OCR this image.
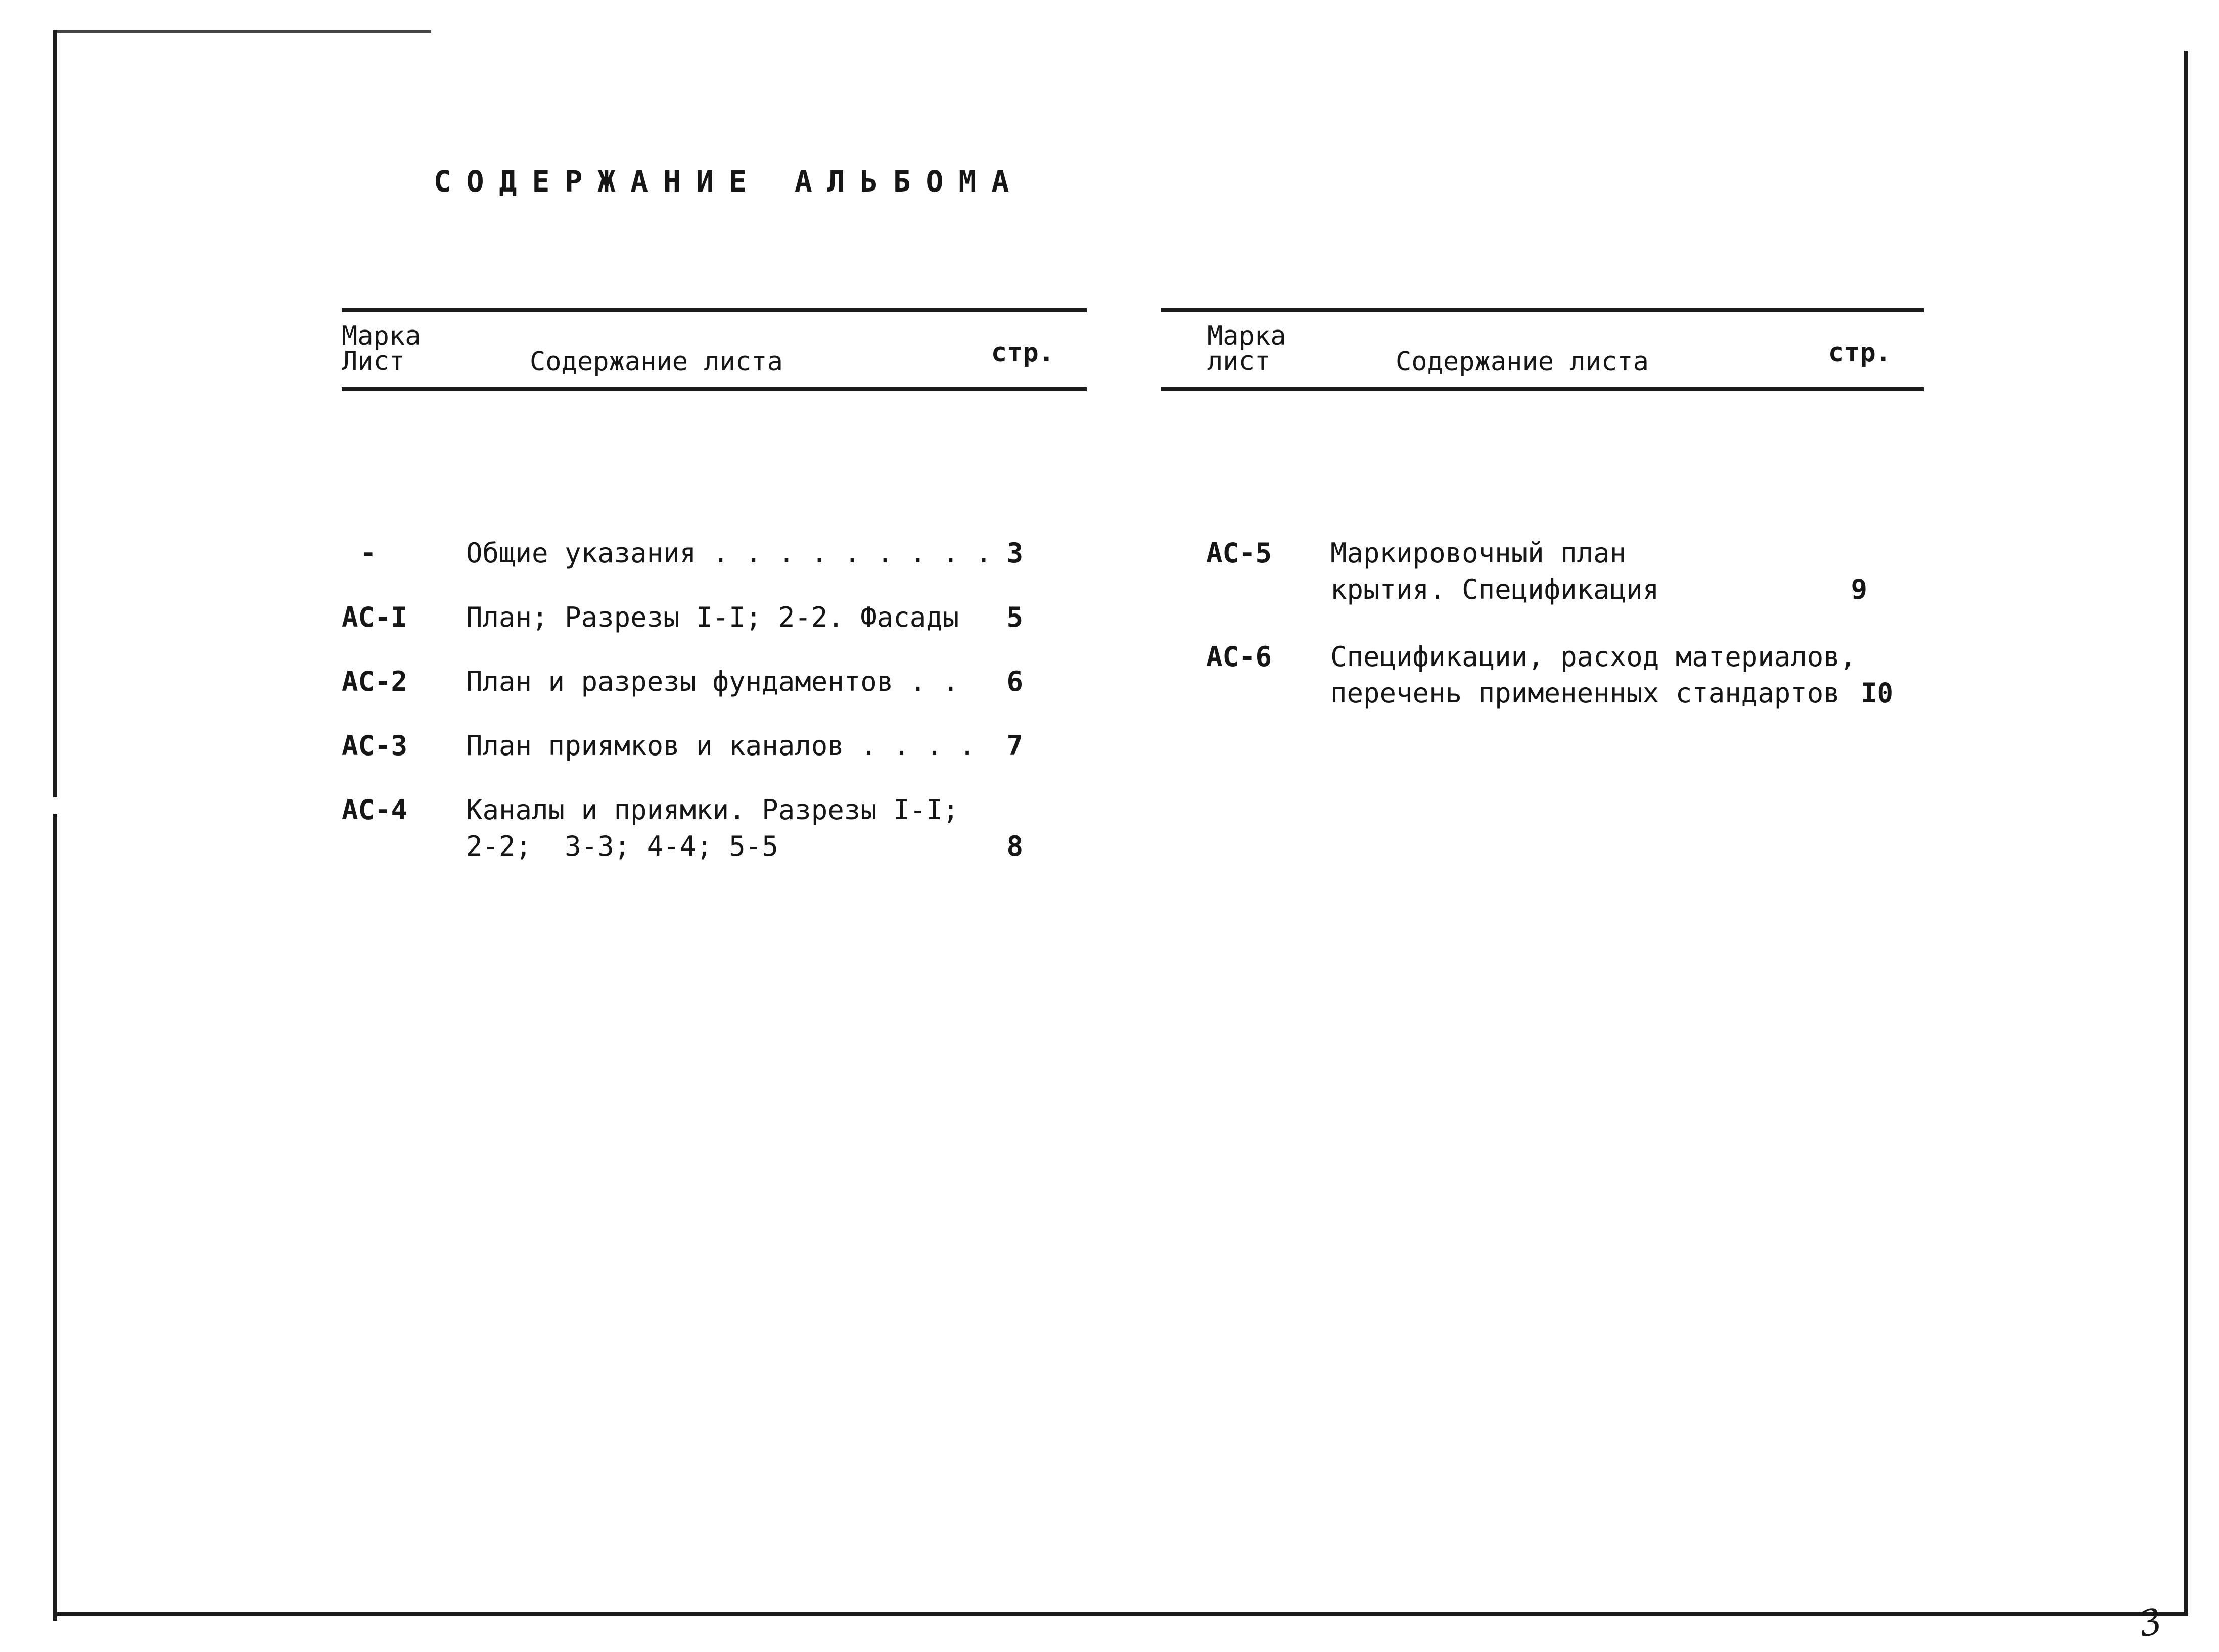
СОДЕРЖАНИЕ АЛЬБОМА
Марка
Лист	Содержание листа	стр.
-	Общие указания . . . . . . . . . 3
АС-I План; Разрезы I-I; 2-2. Фасады 5
АС-2 План и разрезы фундаментов . . 6
АС-3 План приямков и каналов . . . . 7
АС-4 Каналы и приямки. Разрезы I-I;
2-2;  3-3; 4-4; 5-5	8
Марка
лист	Содержание листа	стр.
АС-5 Маркировочный план
крытия. Спецификация	9
АС-6 Спецификации, расход материалов,
перечень примененных стандартов I0
3
